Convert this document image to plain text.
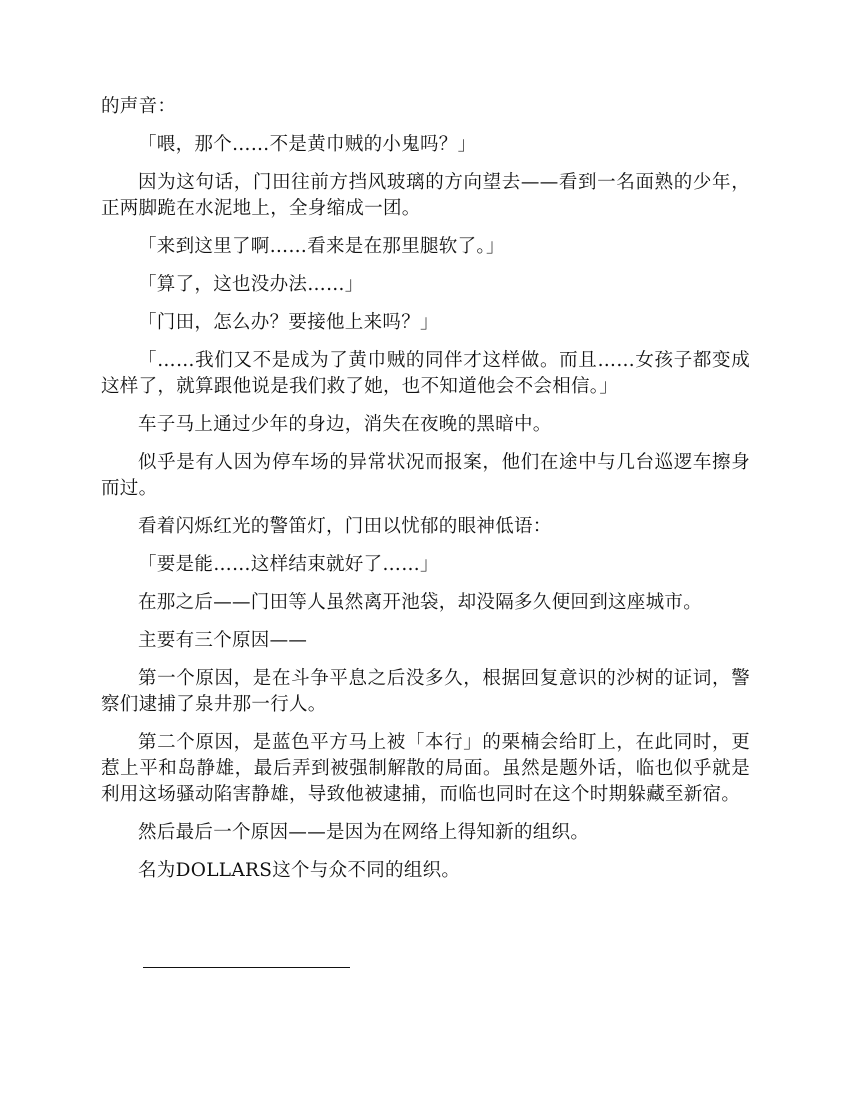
的声音：

「喂，那个……不是黄巾贼的小鬼吗？」

因为这句话，门田往前方挡风玻璃的方向望去——看到一名面熟的少年，正两脚跪在水泥地上，全身缩成一团。

「来到这里了啊……看来是在那里腿软了。」

「算了，这也没办法……」

「门田，怎么办？要接他上来吗？」

「……我们又不是成为了黄巾贼的同伴才这样做。而且……女孩子都变成这样了，就算跟他说是我们救了她，也不知道他会不会相信。」

车子马上通过少年的身边，消失在夜晚的黑暗中。

似乎是有人因为停车场的异常状况而报案，他们在途中与几台巡逻车擦身而过。

看着闪烁红光的警笛灯，门田以忧郁的眼神低语：

「要是能……这样结束就好了……」

在那之后——门田等人虽然离开池袋，却没隔多久便回到这座城市。

主要有三个原因——

第一个原因，是在斗争平息之后没多久，根据回复意识的沙树的证词，警察们逮捕了泉井那一行人。

第二个原因，是蓝色平方马上被「本行」的栗楠会给盯上，在此同时，更惹上平和岛静雄，最后弄到被强制解散的局面。虽然是题外话，临也似乎就是利用这场骚动陷害静雄，导致他被逮捕，而临也同时在这个时期躲藏至新宿。

然后最后一个原因——是因为在网络上得知新的组织。

名为DOLLARS这个与众不同的组织。
